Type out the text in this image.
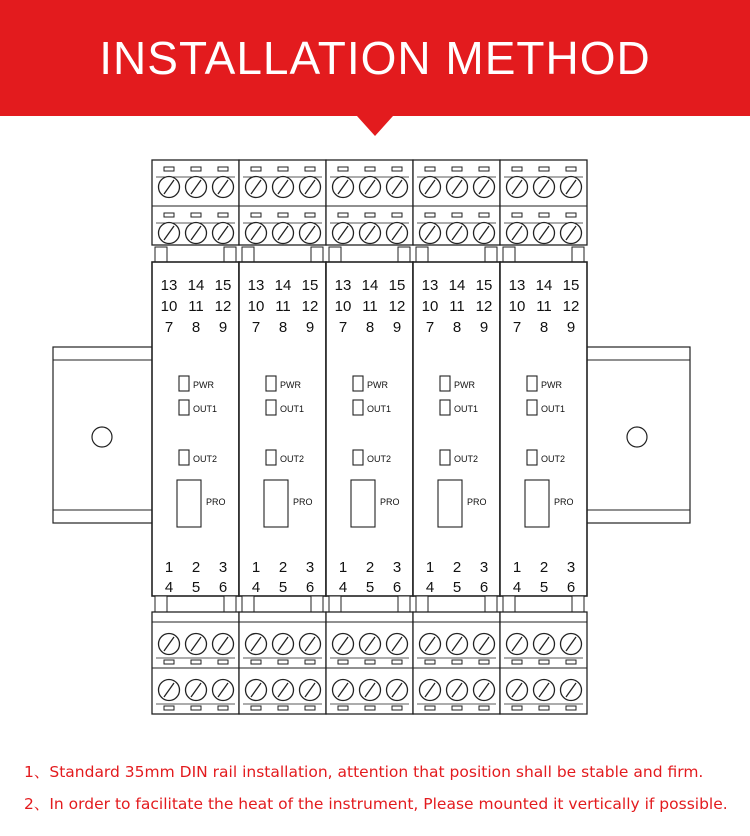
INSTALLATION METHOD
13 14 15
10 11 12
7 8 9
PWR
OUT1
OUT2
PRO
1 2 3
4 5 6
13 14 15
10 11 12
7 8 9
PWR
OUT1
OUT2
PRO
1 2 3
4 5 6
13 14 15
10 11 12
7 8 9
PWR
OUT1
OUT2
PRO
1 2 3
4 5 6
13 14 15
10 11 12
7 8 9
PWR
OUT1
OUT2
PRO
1 2 3
4 5 6
13 14 15
10 11 12
7 8 9
PWR
OUT1
OUT2
PRO
1 2 3
4 5 6
1、Standard 35mm DIN rail installation, attention that position shall be stable and firm.
2、In order to facilitate the heat of the instrument, Please mounted it vertically if possible.
